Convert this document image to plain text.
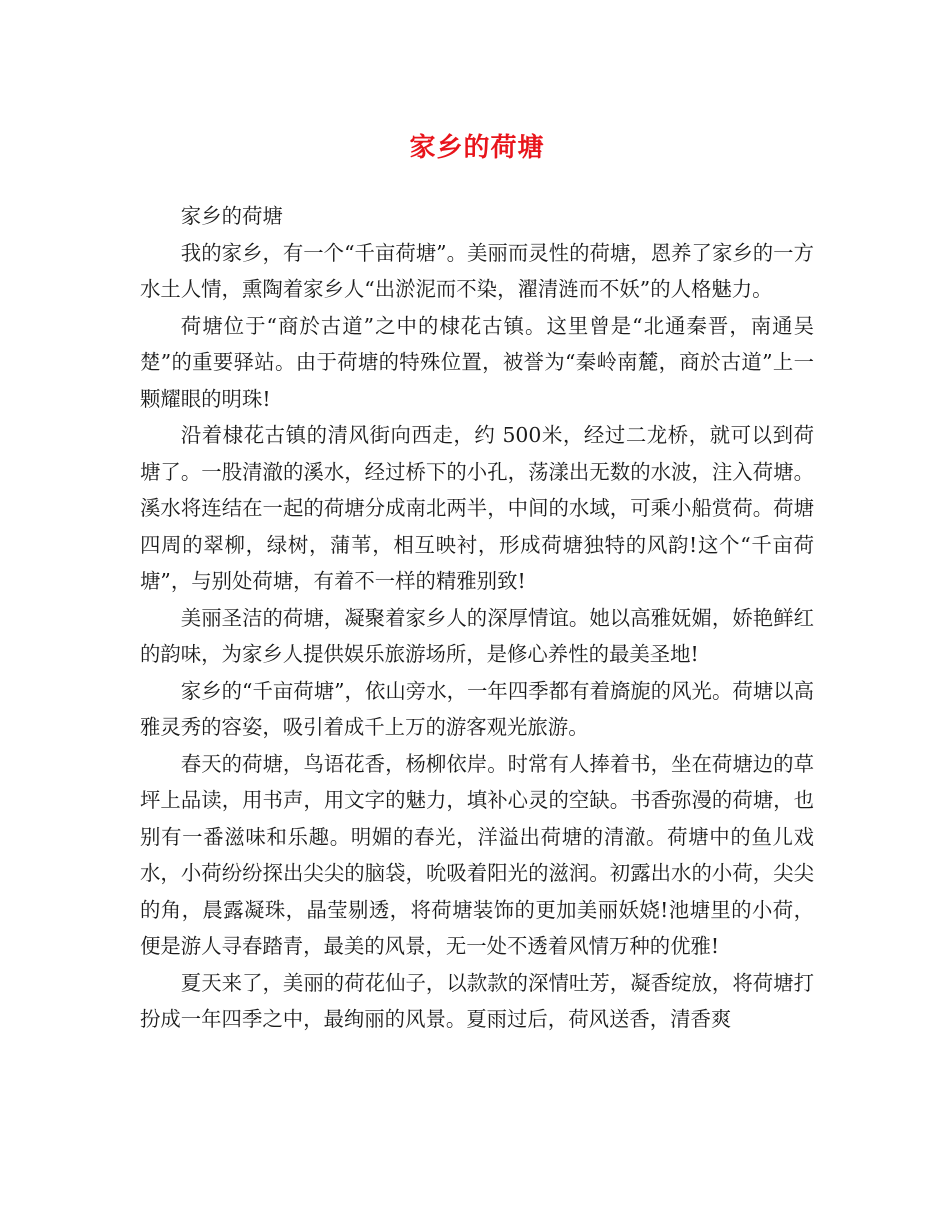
家乡的荷塘

家乡的荷塘

我的家乡，有一个“千亩荷塘”。美丽而灵性的荷塘，恩养了家乡的一方水土人情，熏陶着家乡人“出淤泥而不染，濯清涟而不妖”的人格魅力。

荷塘位于“商於古道”之中的棣花古镇。这里曾是“北通秦晋，南通吴楚”的重要驿站。由于荷塘的特殊位置，被誉为“秦岭南麓，商於古道”上一颗耀眼的明珠!

沿着棣花古镇的清风街向西走，约 500米，经过二龙桥，就可以到荷塘了。一股清澈的溪水，经过桥下的小孔，荡漾出无数的水波，注入荷塘。溪水将连结在一起的荷塘分成南北两半，中间的水域，可乘小船赏荷。荷塘四周的翠柳，绿树，蒲苇，相互映衬，形成荷塘独特的风韵!这个“千亩荷塘”，与别处荷塘，有着不一样的精雅别致!

美丽圣洁的荷塘，凝聚着家乡人的深厚情谊。她以高雅妩媚，娇艳鲜红的韵味，为家乡人提供娱乐旅游场所，是修心养性的最美圣地!

家乡的“千亩荷塘”，依山旁水，一年四季都有着旖旎的风光。荷塘以高雅灵秀的容姿，吸引着成千上万的游客观光旅游。

春天的荷塘，鸟语花香，杨柳依岸。时常有人捧着书，坐在荷塘边的草坪上品读，用书声，用文字的魅力，填补心灵的空缺。书香弥漫的荷塘，也别有一番滋味和乐趣。明媚的春光，洋溢出荷塘的清澈。荷塘中的鱼儿戏水，小荷纷纷探出尖尖的脑袋，吮吸着阳光的滋润。初露出水的小荷，尖尖的角，晨露凝珠，晶莹剔透，将荷塘装饰的更加美丽妖娆!池塘里的小荷，便是游人寻春踏青，最美的风景，无一处不透着风情万种的优雅!

夏天来了，美丽的荷花仙子，以款款的深情吐芳，凝香绽放，将荷塘打扮成一年四季之中，最绚丽的风景。夏雨过后，荷风送香，清香爽
